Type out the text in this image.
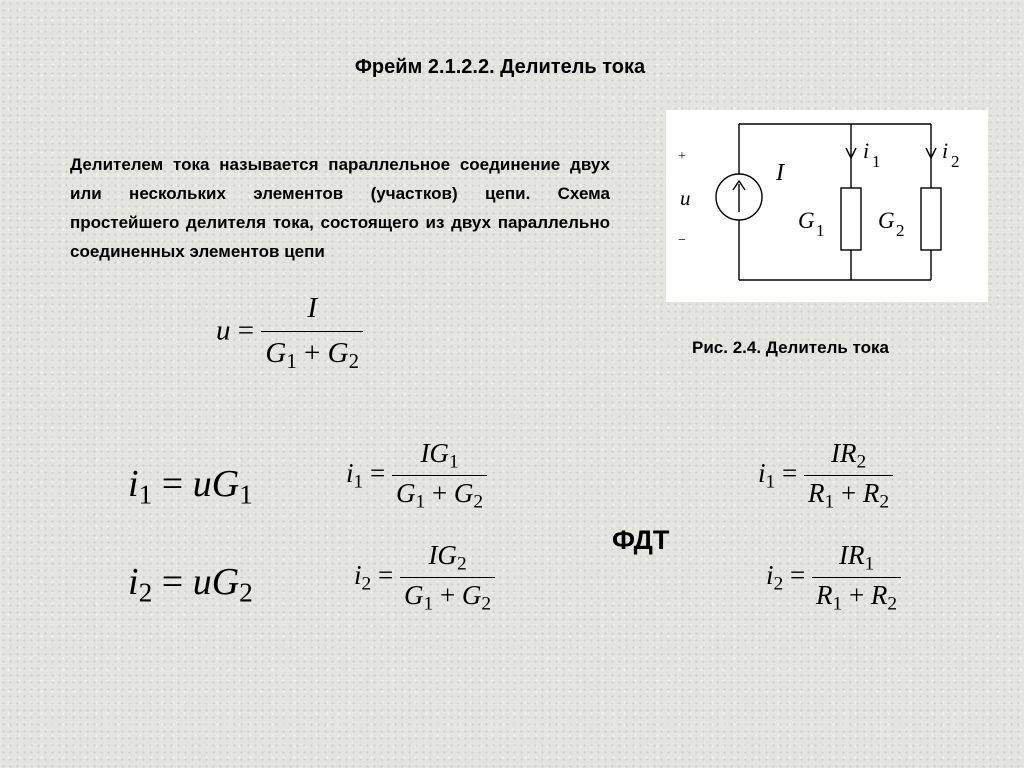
Фрейм 2.1.2.2. Делитель тока
Делителем тока называется параллельное соединение двух или нескольких элементов (участков) цепи. Схема простейшего делителя тока, состоящего из двух параллельно соединенных элементов цепи
+
−
u
I
i 1	i 2
G 1 G 2
Рис. 2.4. Делитель тока
$u = \frac{I}{G_1 + G_2}$
$i_1 = uG_1$
$i_2 = uG_2$
$i_1 = \frac{IG_1}{G_1 + G_2}$
$i_2 = \frac{IG_2}{G_1 + G_2}$	ФДТ
$i_1 = \frac{IR_2}{R_1 + R_2}$
$i_2 = \frac{IR_1}{R_1 + R_2}$
